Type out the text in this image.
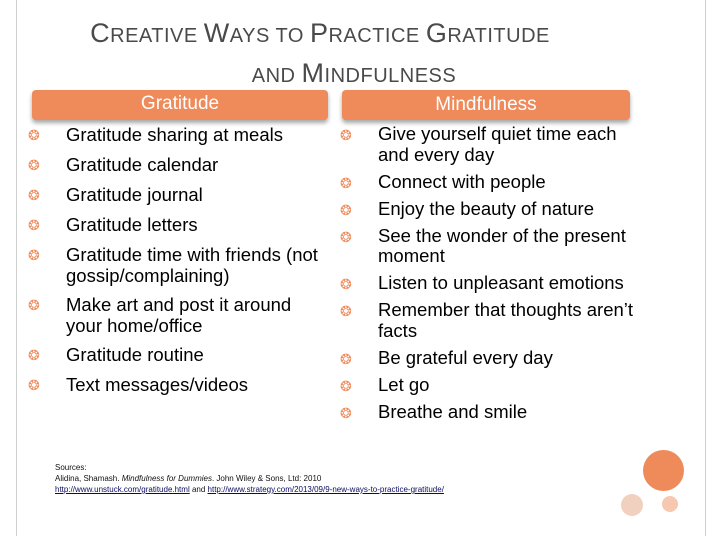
CREATIVE WAYS TO PRACTICE GRATITUDE
AND MINDFULNESS
Gratitude	Mindfulness
❂ Gratitude sharing at meals
❂ Gratitude calendar
❂ Gratitude journal
❂ Gratitude letters
❂ Gratitude time with friends (not gossip/complaining)
❂ Make art and post it around your home/office
❂ Gratitude routine
❂ Text messages/videos
❂ Give yourself quiet time each and every day
❂ Connect with people
❂ Enjoy the beauty of nature
❂ See the wonder of the present moment
❂ Listen to unpleasant emotions
❂ Remember that thoughts aren’t facts
❂ Be grateful every day
❂ Let go
❂ Breathe and smile
Sources:
Alidina, Shamash. Mindfulness for Dummies. John Wiley & Sons, Ltd: 2010
http://www.unstuck.com/gratitude.html and http://www.strategy.com/2013/09/9-new-ways-to-practice-gratitude/
